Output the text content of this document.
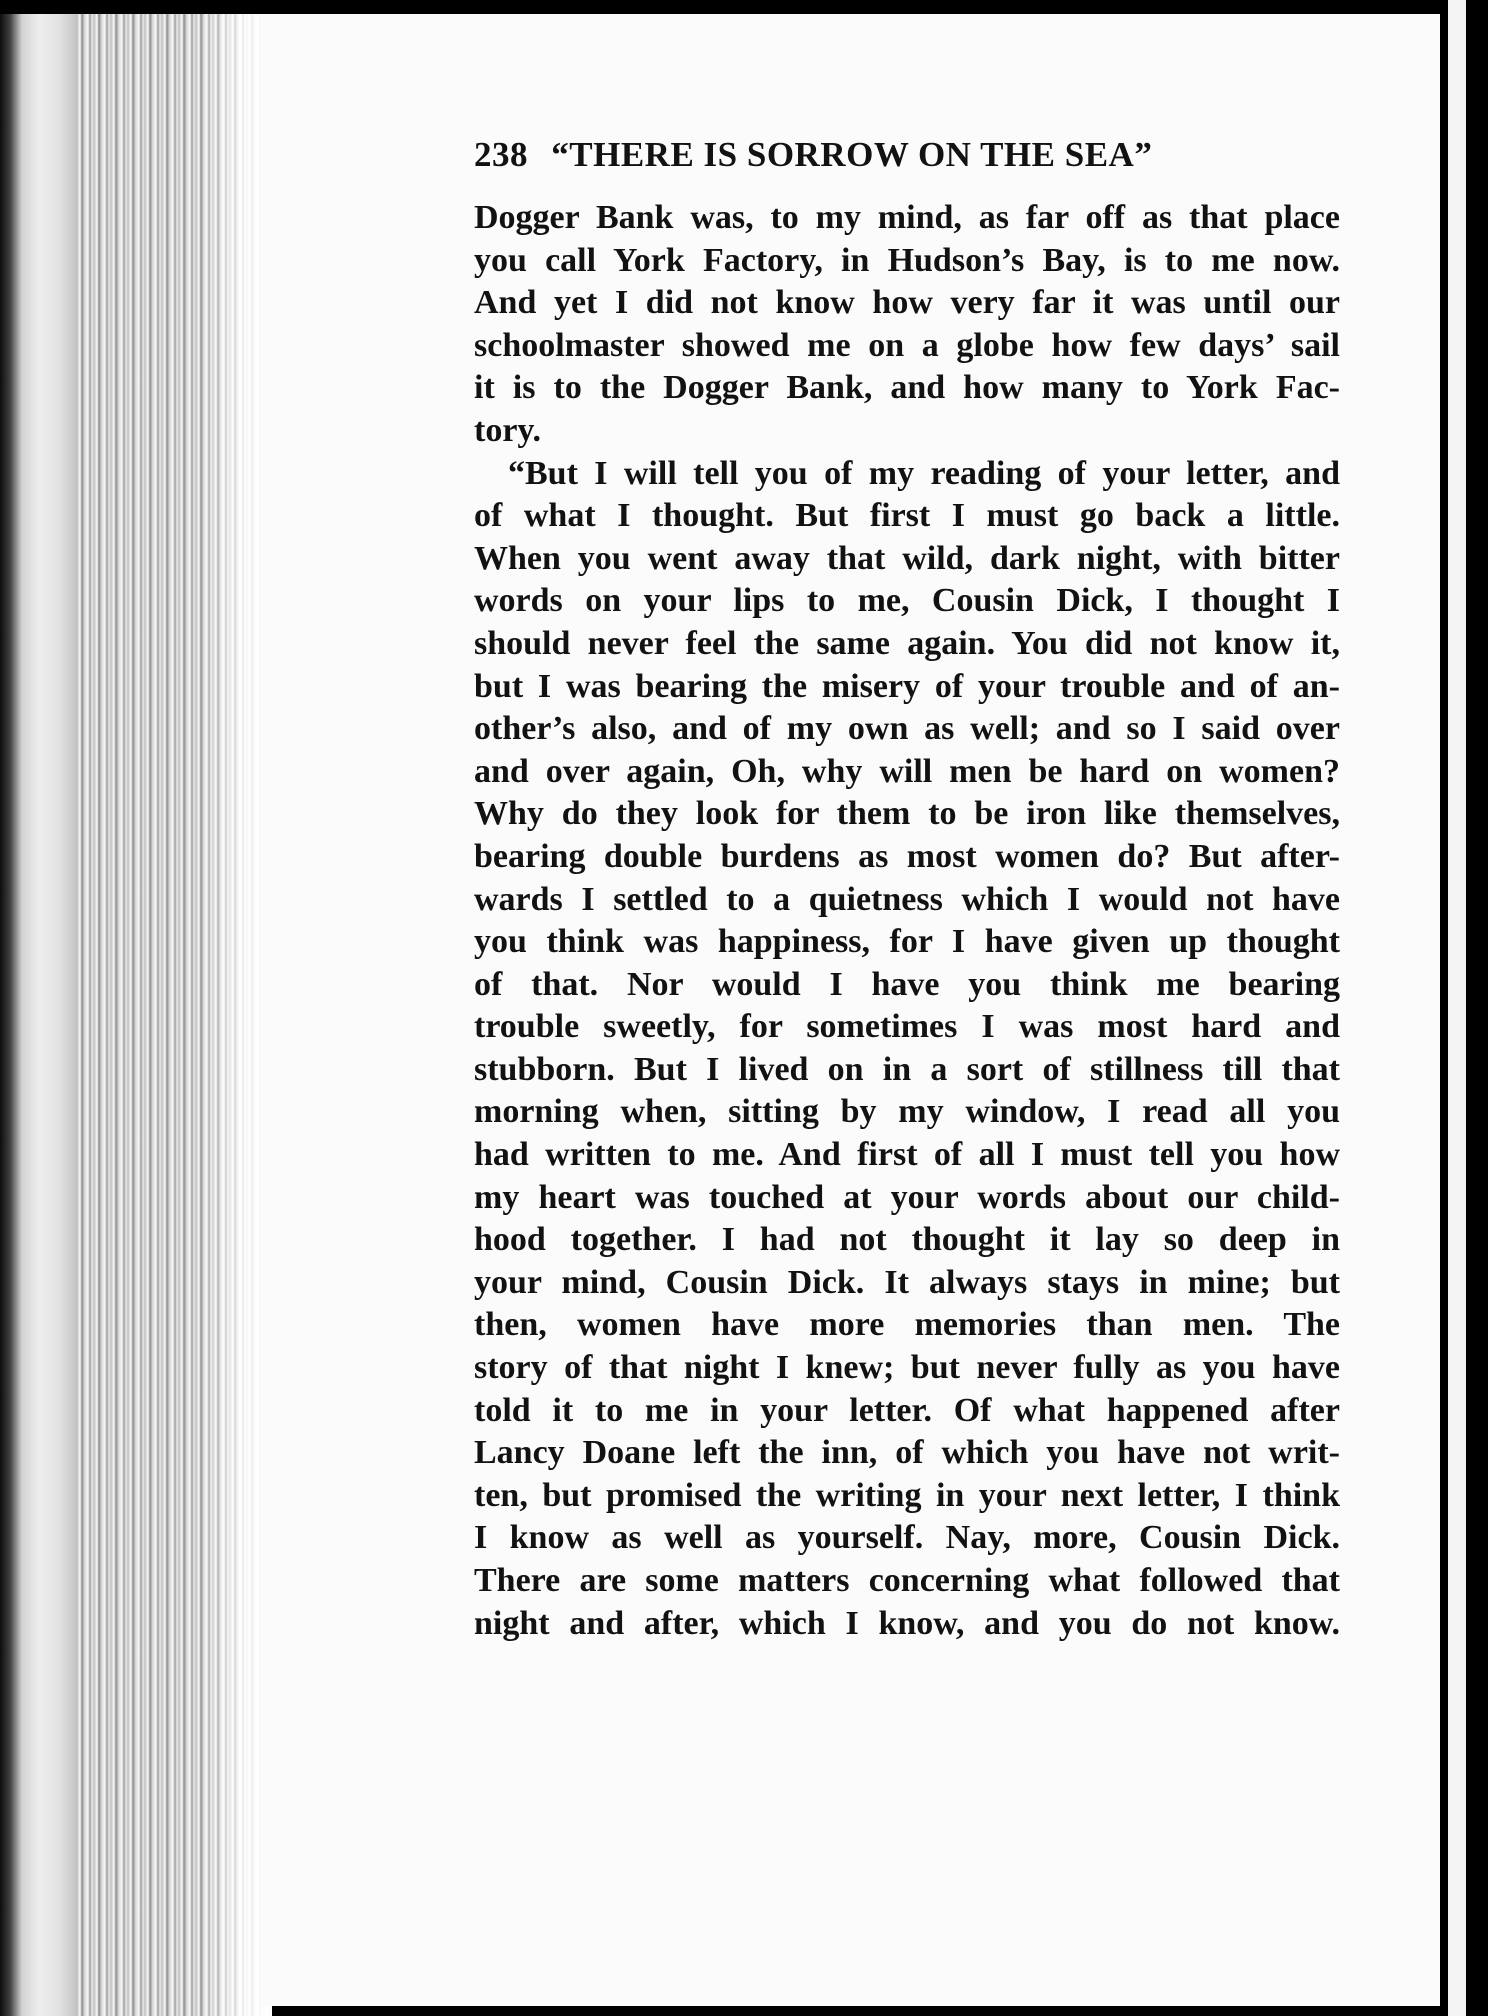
238 “THERE IS SORROW ON THE SEA”
Dogger Bank was, to my mind, as far off as that place
you call York Factory, in Hudson’s Bay, is to me now.
And yet I did not know how very far it was until our
schoolmaster showed me on a globe how few days’ sail
it is to the Dogger Bank, and how many to York Fac-
tory.
“But I will tell you of my reading of your letter, and
of what I thought. But first I must go back a little.
When you went away that wild, dark night, with bitter
words on your lips to me, Cousin Dick, I thought I
should never feel the same again. You did not know it,
but I was bearing the misery of your trouble and of an-
other’s also, and of my own as well; and so I said over
and over again, Oh, why will men be hard on women?
Why do they look for them to be iron like themselves,
bearing double burdens as most women do? But after-
wards I settled to a quietness which I would not have
you think was happiness, for I have given up thought
of that. Nor would I have you think me bearing
trouble sweetly, for sometimes I was most hard and
stubborn. But I lived on in a sort of stillness till that
morning when, sitting by my window, I read all you
had written to me. And first of all I must tell you how
my heart was touched at your words about our child-
hood together. I had not thought it lay so deep in
your mind, Cousin Dick. It always stays in mine; but
then, women have more memories than men. The
story of that night I knew; but never fully as you have
told it to me in your letter. Of what happened after
Lancy Doane left the inn, of which you have not writ-
ten, but promised the writing in your next letter, I think
I know as well as yourself. Nay, more, Cousin Dick.
There are some matters concerning what followed that
night and after, which I know, and you do not know.
